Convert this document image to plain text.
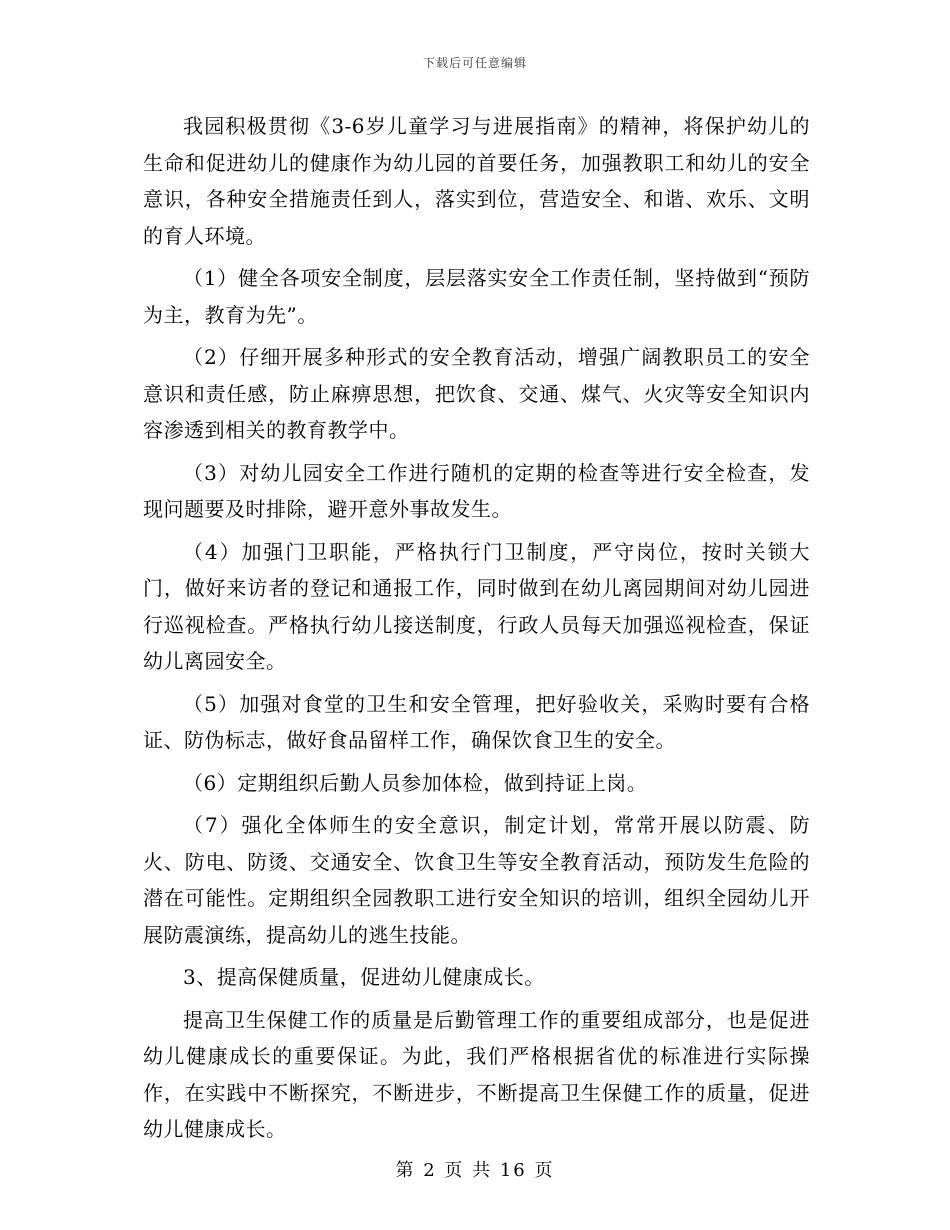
下载后可任意编辑

我园积极贯彻《3-6岁儿童学习与进展指南》的精神，将保护幼儿的生命和促进幼儿的健康作为幼儿园的首要任务，加强教职工和幼儿的安全意识，各种安全措施责任到人，落实到位，营造安全、和谐、欢乐、文明的育人环境。

（1）健全各项安全制度，层层落实安全工作责任制，坚持做到“预防为主，教育为先”。

（2）仔细开展多种形式的安全教育活动，增强广阔教职员工的安全意识和责任感，防止麻痹思想，把饮食、交通、煤气、火灾等安全知识内容渗透到相关的教育教学中。

（3）对幼儿园安全工作进行随机的定期的检查等进行安全检查，发现问题要及时排除，避开意外事故发生。

（4）加强门卫职能，严格执行门卫制度，严守岗位，按时关锁大门，做好来访者的登记和通报工作，同时做到在幼儿离园期间对幼儿园进行巡视检查。严格执行幼儿接送制度，行政人员每天加强巡视检查，保证幼儿离园安全。

（5）加强对食堂的卫生和安全管理，把好验收关，采购时要有合格证、防伪标志，做好食品留样工作，确保饮食卫生的安全。

（6）定期组织后勤人员参加体检，做到持证上岗。

（7）强化全体师生的安全意识，制定计划，常常开展以防震、防火、防电、防烫、交通安全、饮食卫生等安全教育活动，预防发生危险的潜在可能性。定期组织全园教职工进行安全知识的培训，组织全园幼儿开展防震演练，提高幼儿的逃生技能。

3、提高保健质量，促进幼儿健康成长。

提高卫生保健工作的质量是后勤管理工作的重要组成部分，也是促进幼儿健康成长的重要保证。为此，我们严格根据省优的标准进行实际操作，在实践中不断探究，不断进步，不断提高卫生保健工作的质量，促进幼儿健康成长。

第 2 页 共 16 页
